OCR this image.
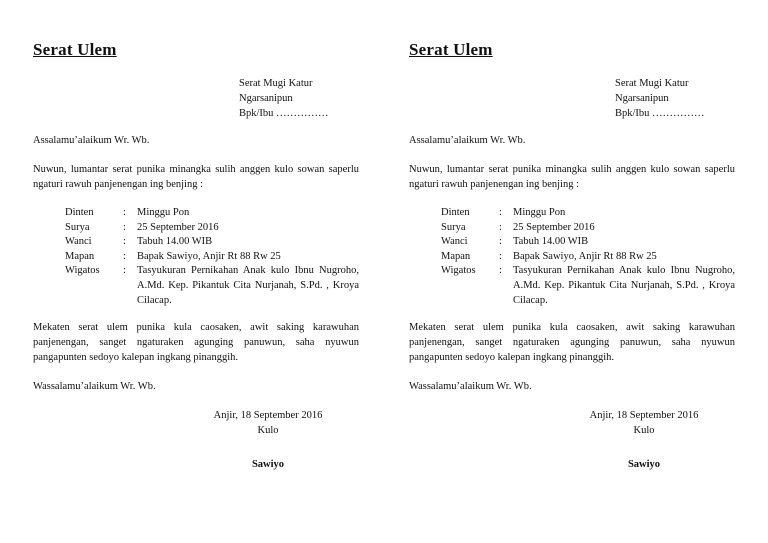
Serat Ulem
Serat Mugi Katur
Ngarsanipun
Bpk/Ibu ……………
Assalamu’alaikum Wr. Wb.
Nuwun, lumantar serat punika minangka sulih anggen kulo sowan saperlu ngaturi rawuh panjenengan ing benjing :
Dinten	:	Minggu Pon
Surya	:	25 September 2016
Wanci	:	Tabuh 14.00 WIB
Mapan	:	Bapak Sawiyo, Anjir Rt 88 Rw 25
Wigatos	:	Tasyukuran Pernikahan Anak kulo Ibnu Nugroho, A.Md. Kep. Pikantuk Cita Nurjanah, S.Pd. , Kroya Cilacap.
Mekaten serat ulem punika kula caosaken, awit saking karawuhan panjenengan, sanget ngaturaken agunging panuwun, saha nyuwun pangapunten sedoyo kalepan ingkang pinanggih.
Wassalamu’alaikum Wr. Wb.
Anjir, 18 September 2016
Kulo
Sawiyo
Serat Ulem
Serat Mugi Katur
Ngarsanipun
Bpk/Ibu ……………
Assalamu’alaikum Wr. Wb.
Nuwun, lumantar serat punika minangka sulih anggen kulo sowan saperlu ngaturi rawuh panjenengan ing benjing :
Dinten	:	Minggu Pon
Surya	:	25 September 2016
Wanci	:	Tabuh 14.00 WIB
Mapan	:	Bapak Sawiyo, Anjir Rt 88 Rw 25
Wigatos	:	Tasyukuran Pernikahan Anak kulo Ibnu Nugroho, A.Md. Kep. Pikantuk Cita Nurjanah, S.Pd. , Kroya Cilacap.
Mekaten serat ulem punika kula caosaken, awit saking karawuhan panjenengan, sanget ngaturaken agunging panuwun, saha nyuwun pangapunten sedoyo kalepan ingkang pinanggih.
Wassalamu’alaikum Wr. Wb.
Anjir, 18 September 2016
Kulo
Sawiyo
